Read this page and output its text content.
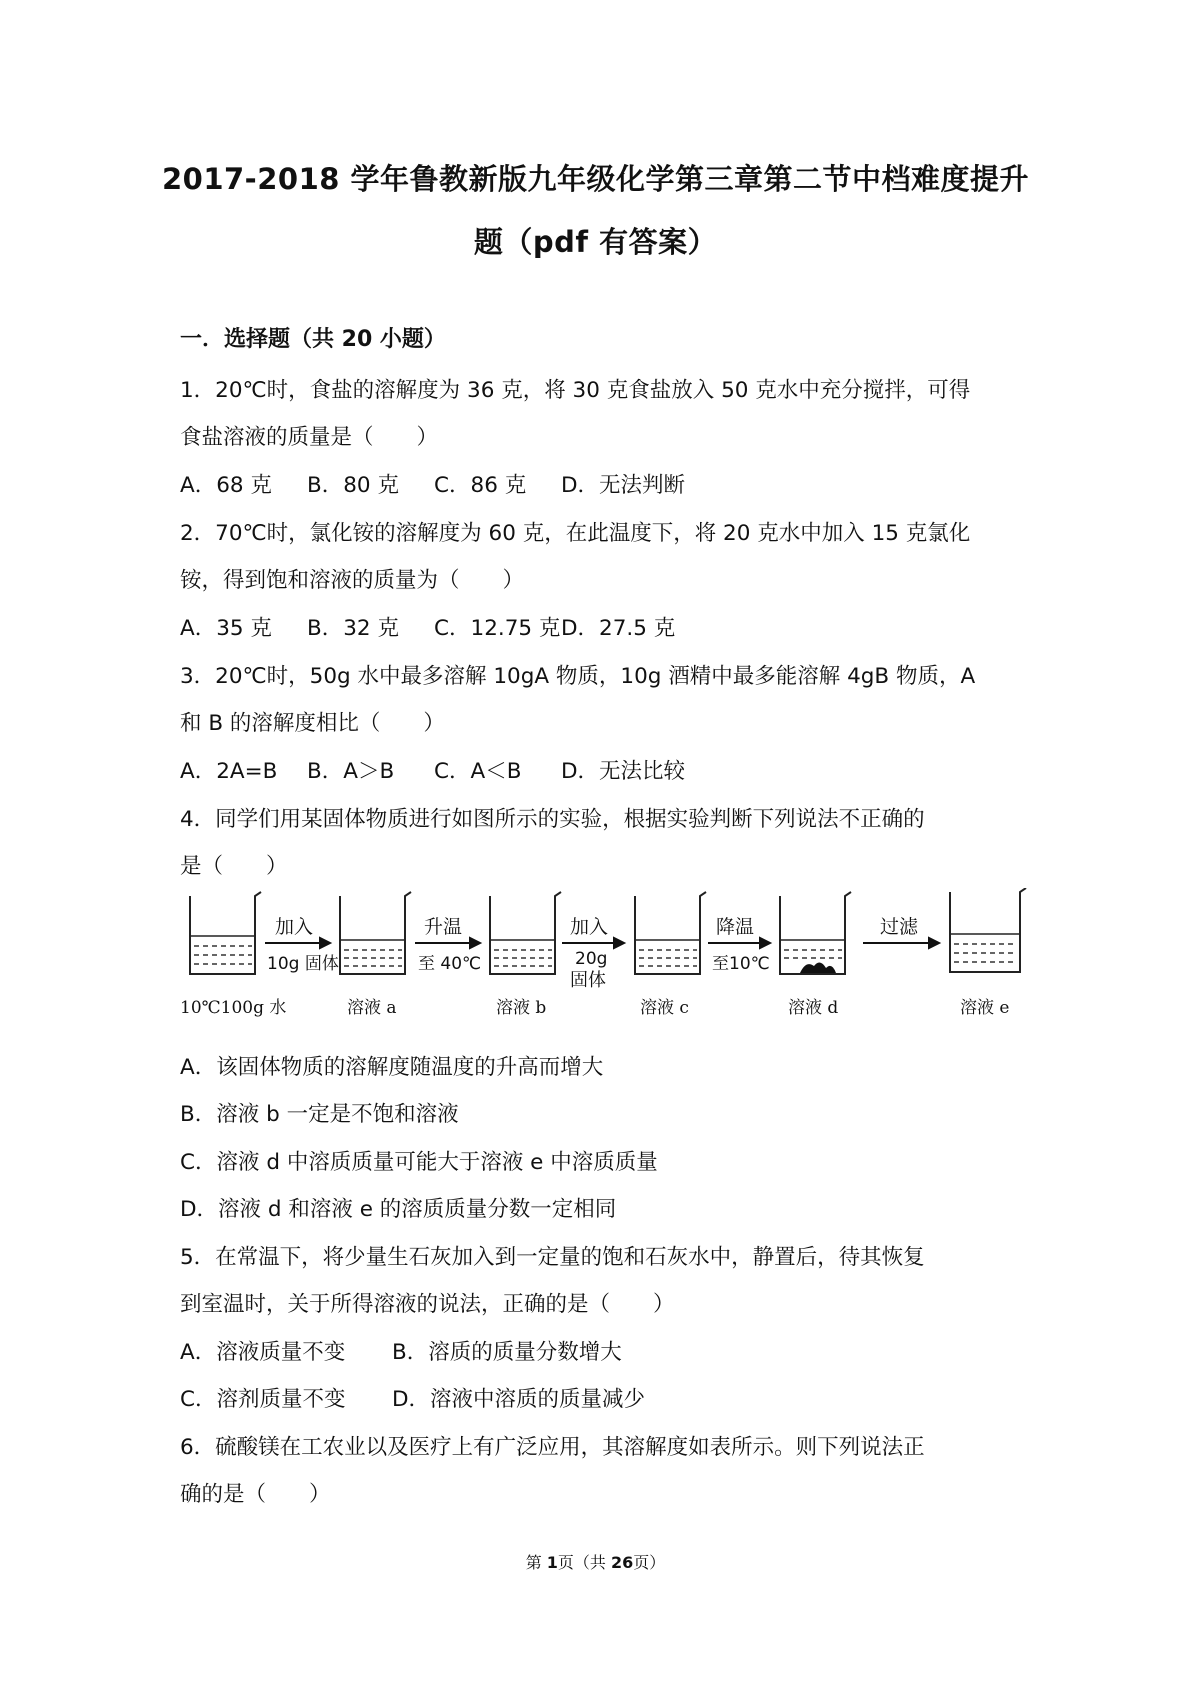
2017-2018 学年鲁教新版九年级化学第三章第二节中档难度提升
题（pdf 有答案）
一．选择题（共 20 小题）
1．20℃时，食盐的溶解度为 36 克，将 30 克食盐放入 50 克水中充分搅拌，可得
食盐溶液的质量是（　　）
A．68 克 B．80 克 C．86 克 D．无法判断
2．70℃时，氯化铵的溶解度为 60 克，在此温度下，将 20 克水中加入 15 克氯化
铵，得到饱和溶液的质量为（　　）
A．35 克 B．32 克 C．12.75 克D．27.5 克
3．20℃时，50g 水中最多溶解 10gA 物质，10g 酒精中最多能溶解 4gB 物质，A
和 B 的溶解度相比（　　）
A．2A=B B．A＞B C．A＜B D．无法比较
4．同学们用某固体物质进行如图所示的实验，根据实验判断下列说法不正确的
是（　　）
加入
10g 固体
升温
至 40℃
加入
20g
固体
降温
至10℃
过滤
10℃100g 水	溶液 a	溶液 b	溶液 c	溶液 d	溶液 e
A．该固体物质的溶解度随温度的升高而增大
B．溶液 b 一定是不饱和溶液
C．溶液 d 中溶质质量可能大于溶液 e 中溶质质量
D．溶液 d 和溶液 e 的溶质质量分数一定相同
5．在常温下，将少量生石灰加入到一定量的饱和石灰水中，静置后，待其恢复
到室温时，关于所得溶液的说法，正确的是（　　）
A．溶液质量不变 B．溶质的质量分数增大
C．溶剂质量不变 D．溶液中溶质的质量减少
6．硫酸镁在工农业以及医疗上有广泛应用，其溶解度如表所示。则下列说法正
确的是（　　）
第 1页（共 26页）
